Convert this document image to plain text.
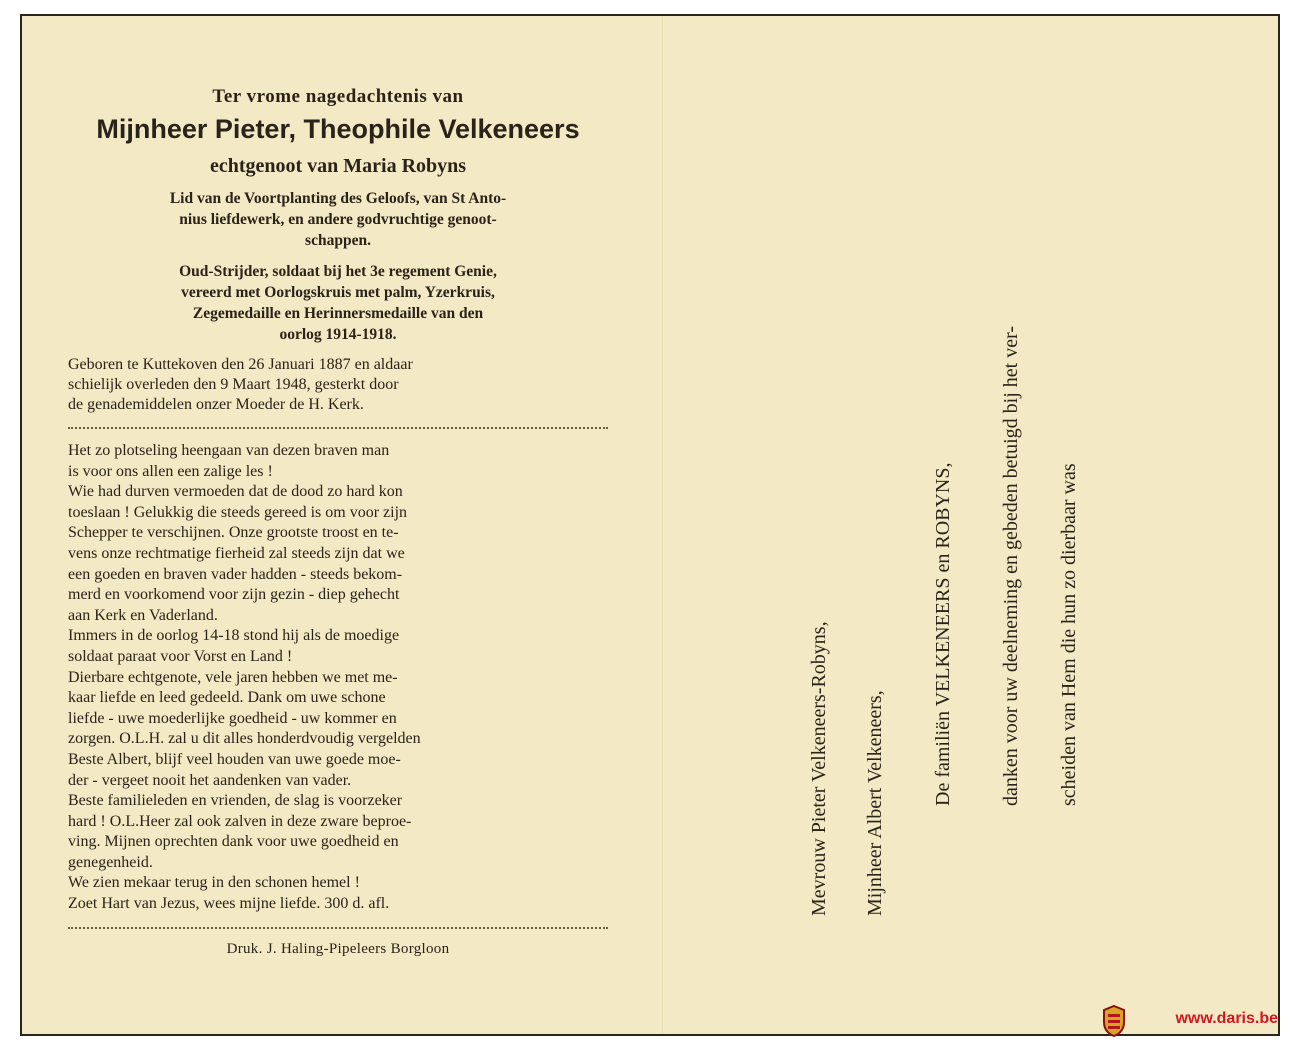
Ter vrome nagedachtenis van

Mijnheer Pieter, Theophile Velkeneers

echtgenoot van Maria Robyns

Lid van de Voortplanting des Geloofs, van St Anto-
nius liefdewerk, en andere godvruchtige genoot-
schappen.
Oud-Strijder, soldaat bij het 3e regement Genie,
vereerd met Oorlogskruis met palm, Yzerkruis,
Zegemedaille en Herinnersmedaille van den
oorlog 1914-1918.
Geboren te Kuttekoven den 26 Januari 1887 en aldaar
schielijk overleden den 9 Maart 1948, gesterkt door
de genademiddelen onzer Moeder de H. Kerk.

Het zo plotseling heengaan van dezen braven man

is voor ons allen een zalige les !

Wie had durven vermoeden dat de dood zo hard kon

toeslaan ! Gelukkig die steeds gereed is om voor zijn

Schepper te verschijnen. Onze grootste troost en te-

vens onze rechtmatige fierheid zal steeds zijn dat we

een goeden en braven vader hadden - steeds bekom-

merd en voorkomend voor zijn gezin - diep gehecht

aan Kerk en Vaderland.

Immers in de oorlog 14-18 stond hij als de moedige

soldaat paraat voor Vorst en Land !

Dierbare echtgenote, vele jaren hebben we met me-

kaar liefde en leed gedeeld. Dank om uwe schone

liefde - uwe moederlijke goedheid - uw kommer en

zorgen. O.L.H. zal u dit alles honderdvoudig vergelden

Beste Albert, blijf veel houden van uwe goede moe-

der - vergeet nooit het aandenken van vader.

Beste familieleden en vrienden, de slag is voorzeker

hard ! O.L.Heer zal ook zalven in deze zware beproe-

ving. Mijnen oprechten dank voor uwe goedheid en

genegenheid.

We zien mekaar terug in den schonen hemel !

Zoet Hart van Jezus, wees mijne liefde. 300 d. afl.

Druk. J. Haling-Pipeleers Borgloon
Mevrouw Pieter Velkeneers-Robyns, Mijnheer Albert Velkeneers, De familiën VELKENEERS en ROBYNS, danken voor uw deelneming en gebeden betuigd bij het ver- scheiden van Hem die hun zo dierbaar was
www.daris.be
